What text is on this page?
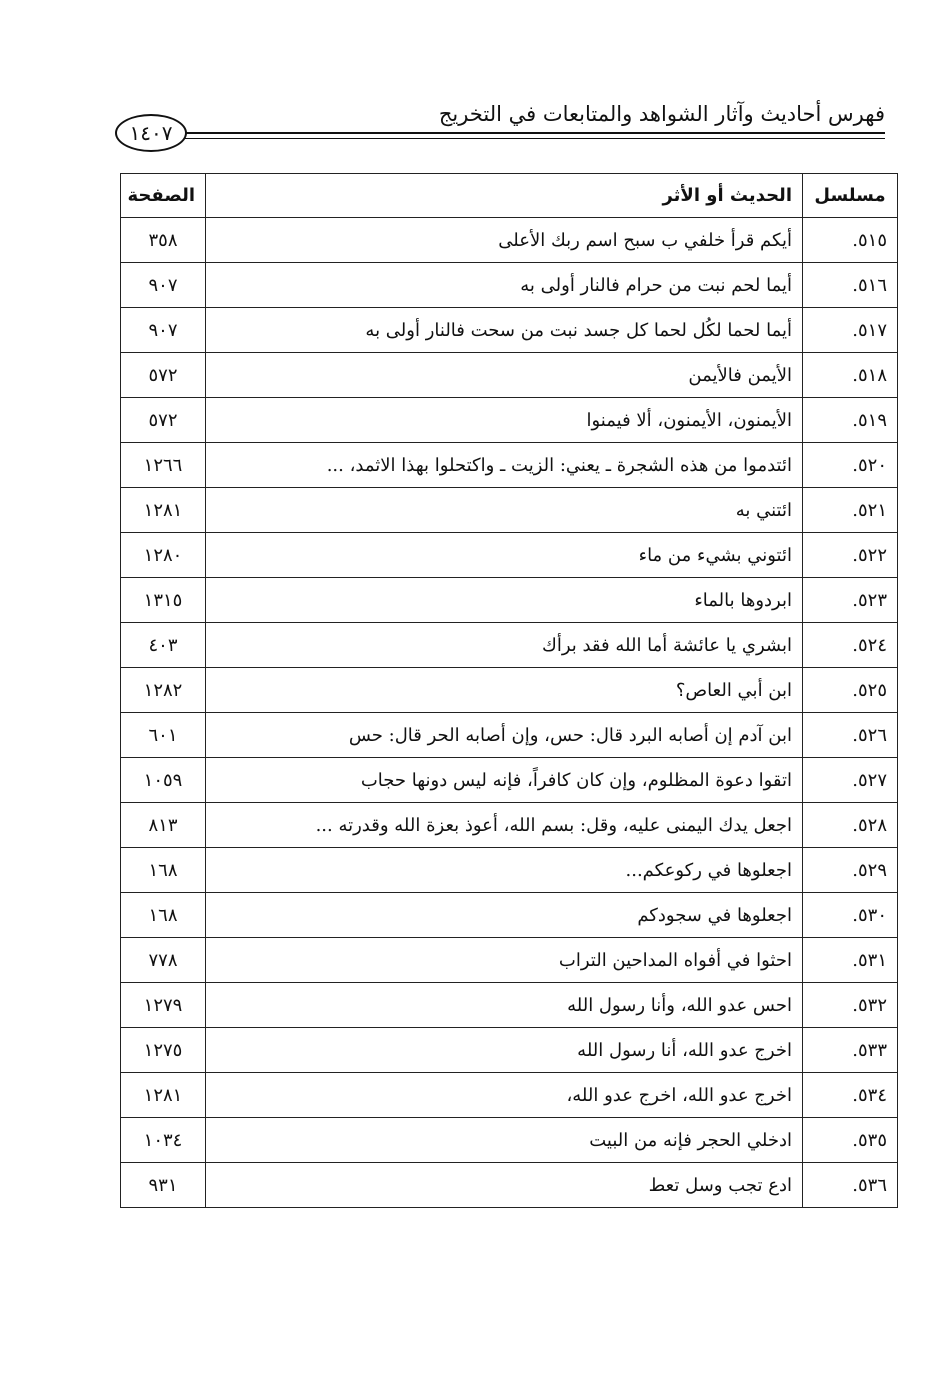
فهرس أحاديث وآثار الشواهد والمتابعات في التخريج
١٤٠٧
مسلسل	الحديث أو الأثر	الصفحة
٥١٥.	أيكم قرأ خلفي ب سبح اسم ربك الأعلى	٣٥٨
٥١٦.	أيما لحم نبت من حرام فالنار أولى به	٩٠٧
٥١٧.	أيما لحما لكُل لحما كل جسد نبت من سحت فالنار أولى به	٩٠٧
٥١٨.	الأيمن فالأيمن	٥٧٢
٥١٩.	الأيمنون، الأيمنون، ألا فيمنوا	٥٧٢
٥٢٠.	ائتدموا من هذه الشجرة ـ يعني: الزيت ـ واكتحلوا بهذا الاثمد، ...	١٢٦٦
٥٢١.	ائتني به	١٢٨١
٥٢٢.	ائتوني بشيء من ماء	١٢٨٠
٥٢٣.	ابردوها بالماء	١٣١٥
٥٢٤.	ابشري يا عائشة أما الله فقد برأك	٤٠٣
٥٢٥.	ابن أبي العاص؟	١٢٨٢
٥٢٦.	ابن آدم إن أصابه البرد قال: حس، وإن أصابه الحر قال: حس	٦٠١
٥٢٧.	اتقوا دعوة المظلوم، وإن كان كافراً، فإنه ليس دونها حجاب	١٠٥٩
٥٢٨.	اجعل يدك اليمنى عليه، وقل: بسم الله، أعوذ بعزة الله وقدرته ...	٨١٣
٥٢٩.	اجعلوها في ركوعكم...	١٦٨
٥٣٠.	اجعلوها في سجودكم	١٦٨
٥٣١.	احثوا في أفواه المداحين التراب	٧٧٨
٥٣٢.	احس عدو الله، وأنا رسول الله	١٢٧٩
٥٣٣.	اخرج عدو الله، أنا رسول الله	١٢٧٥
٥٣٤.	اخرج عدو الله، اخرج عدو الله،	١٢٨١
٥٣٥.	ادخلي الحجر فإنه من البيت	١٠٣٤
٥٣٦.	ادع تجب وسل تعط	٩٣١
